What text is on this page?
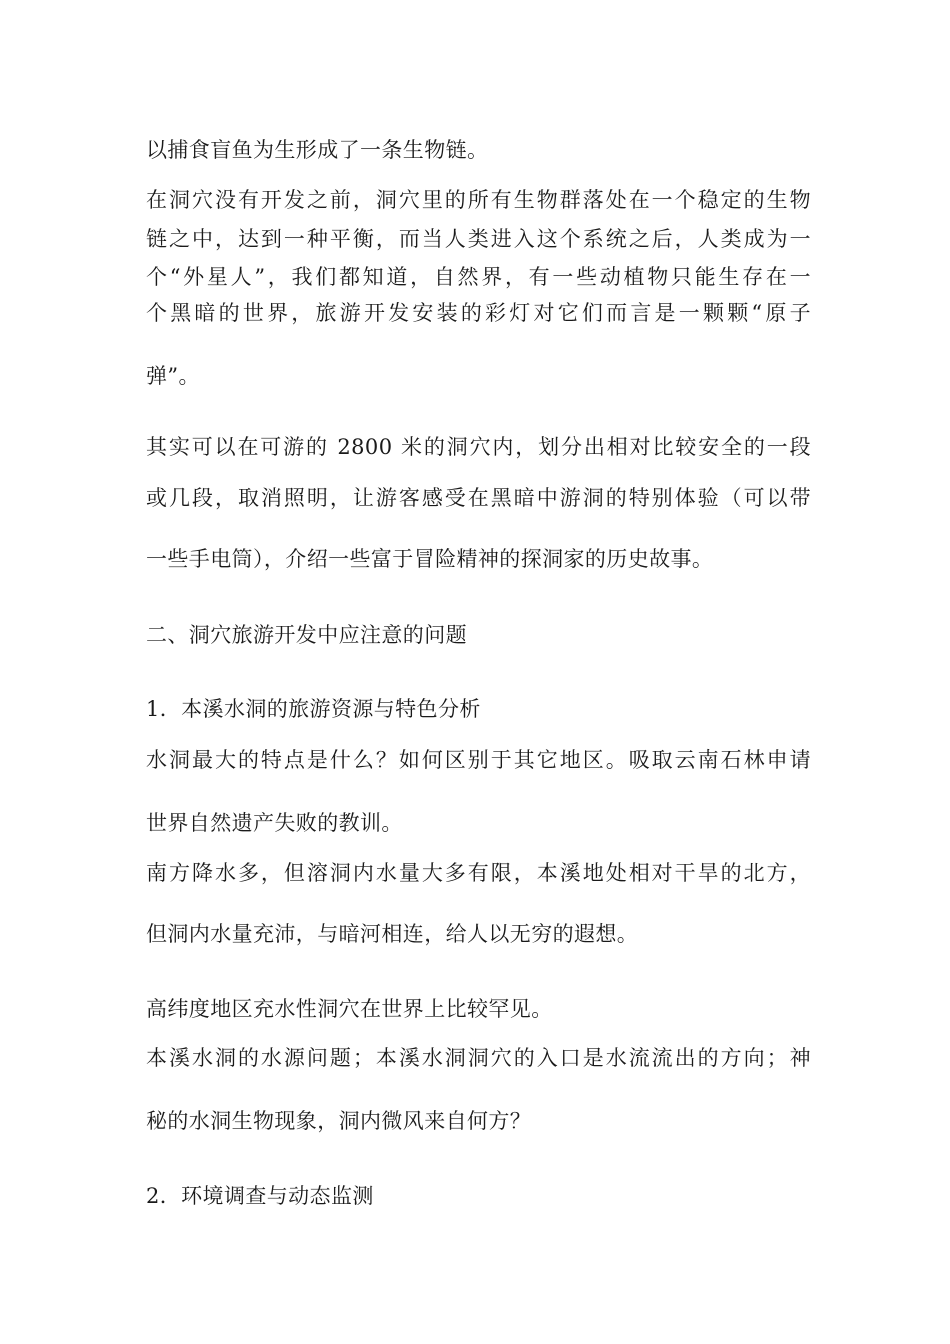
以捕食盲鱼为生形成了一条生物链。
在洞穴没有开发之前，洞穴里的所有生物群落处在一个稳定的生物
链之中，达到一种平衡，而当人类进入这个系统之后，人类成为一
个“外星人”，我们都知道，自然界，有一些动植物只能生存在一
个黑暗的世界，旅游开发安装的彩灯对它们而言是一颗颗“原子
弹”。
其实可以在可游的 2800 米的洞穴内，划分出相对比较安全的一段
或几段，取消照明，让游客感受在黑暗中游洞的特别体验（可以带
一些手电筒），介绍一些富于冒险精神的探洞家的历史故事。
二、洞穴旅游开发中应注意的问题
1．本溪水洞的旅游资源与特色分析
水洞最大的特点是什么？如何区别于其它地区。吸取云南石林申请
世界自然遗产失败的教训。
南方降水多，但溶洞内水量大多有限，本溪地处相对干旱的北方，
但洞内水量充沛，与暗河相连，给人以无穷的遐想。
高纬度地区充水性洞穴在世界上比较罕见。
本溪水洞的水源问题；本溪水洞洞穴的入口是水流流出的方向；神
秘的水洞生物现象，洞内微风来自何方？
2．环境调查与动态监测
